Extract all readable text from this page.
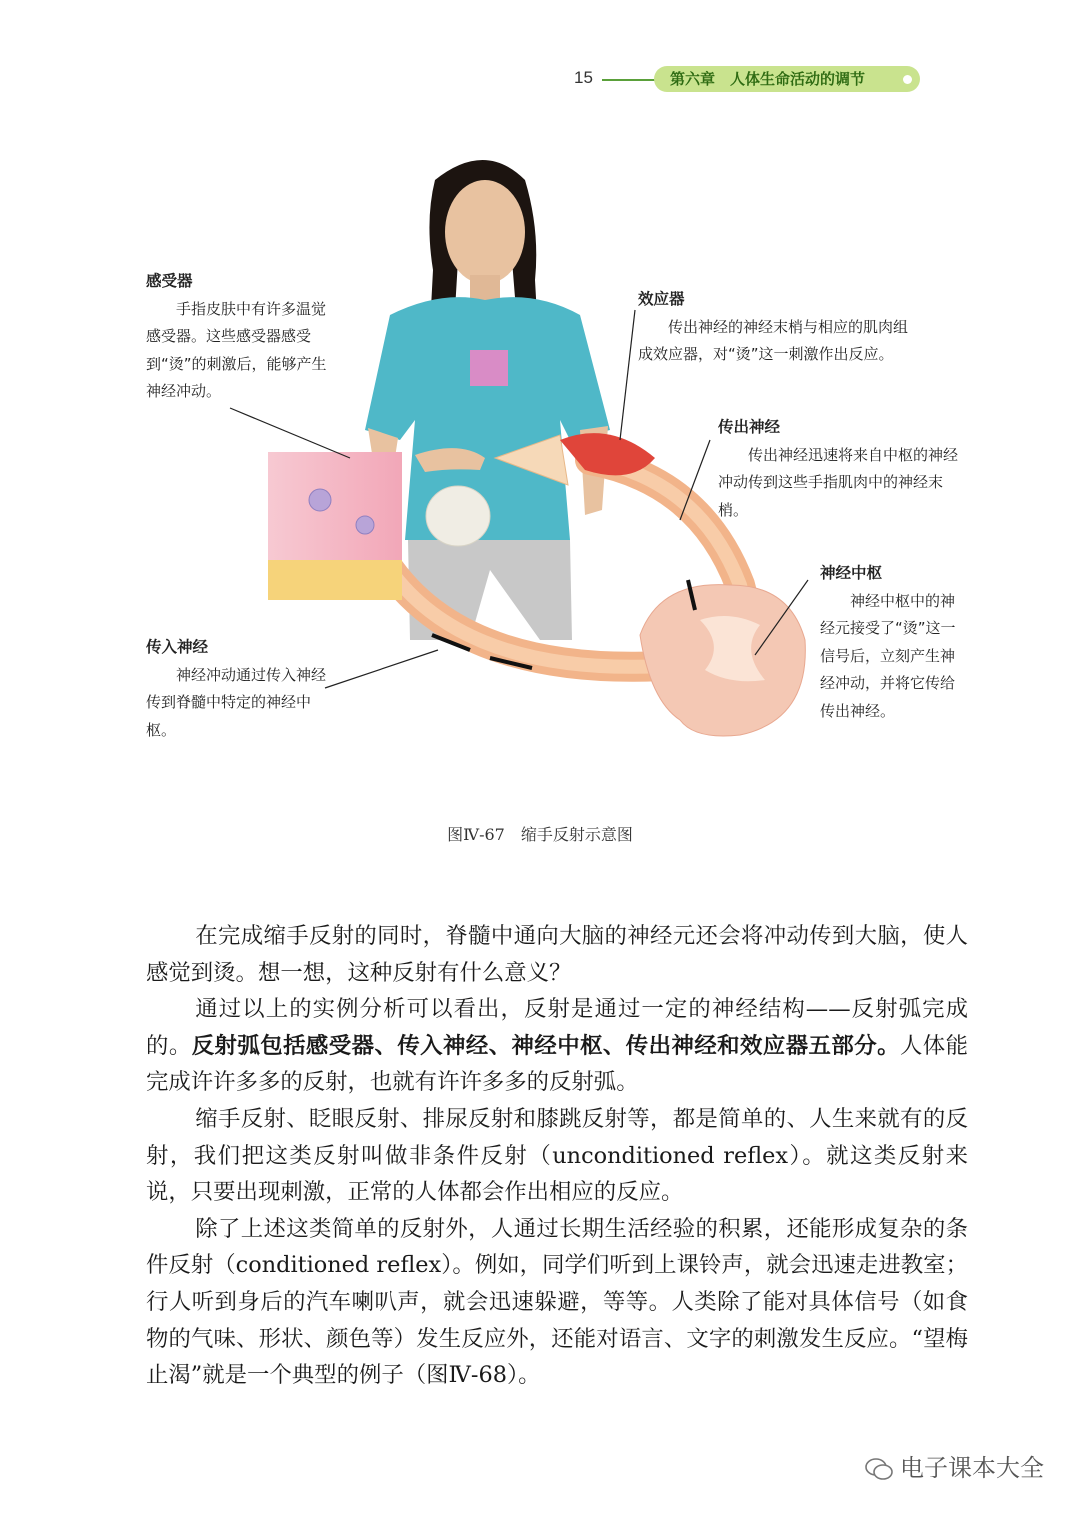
15	第六章　人体生命活动的调节
感受器
手指皮肤中有许多温觉感受器。这些感受器感受到“烫”的刺激后，能够产生神经冲动。
效应器
传出神经的神经末梢与相应的肌肉组成效应器，对“烫”这一刺激作出反应。
传出神经
传出神经迅速将来自中枢的神经冲动传到这些手指肌肉中的神经末梢。
神经中枢
神经中枢中的神经元接受了“烫”这一信号后，立刻产生神经冲动，并将它传给传出神经。
传入神经
神经冲动通过传入神经传到脊髓中特定的神经中枢。
图Ⅳ-67　缩手反射示意图

在完成缩手反射的同时，脊髓中通向大脑的神经元还会将冲动传到大脑，使人感觉到烫。想一想，这种反射有什么意义？

通过以上的实例分析可以看出，反射是通过一定的神经结构——反射弧完成的。反射弧包括感受器、传入神经、神经中枢、传出神经和效应器五部分。人体能完成许许多多的反射，也就有许许多多的反射弧。

缩手反射、眨眼反射、排尿反射和膝跳反射等，都是简单的、人生来就有的反射，我们把这类反射叫做非条件反射（unconditioned reflex）。就这类反射来说，只要出现刺激，正常的人体都会作出相应的反应。

除了上述这类简单的反射外，人通过长期生活经验的积累，还能形成复杂的条件反射（conditioned reflex）。例如，同学们听到上课铃声，就会迅速走进教室；行人听到身后的汽车喇叭声，就会迅速躲避，等等。人类除了能对具体信号（如食物的气味、形状、颜色等）发生反应外，还能对语言、文字的刺激发生反应。“望梅止渴”就是一个典型的例子（图Ⅳ-68）。

电子课本大全
